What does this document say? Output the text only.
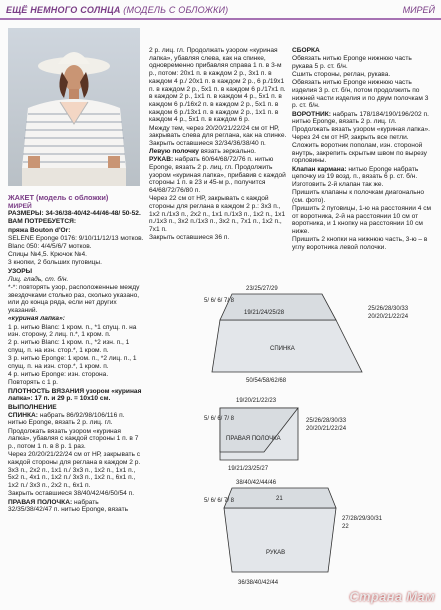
ЕЩЁ НЕМНОГО СОЛНЦА (МОДЕЛЬ С ОБЛОЖКИ)	МИРЕЙ
ЖАКЕТ (модель с обложки)
МИРЕЙ

РАЗМЕРЫ: 34-36/38-40/42-44/46-48/ 50-52.

ВАМ ПОТРЕБУЕТСЯ:

пряжа Bouton d'Or:

SELENE Eponge 0176: 9/10/11/12/13 мотков.

Blanc 050: 4/4/5/6/7 мотков.

Спицы №4,5. Крючок №4.

3 кнопки, 2 больших пуговицы.

УЗОРЫ

Лиц. гладь, ст. б/н.

*-*: повторять узор, расположенные между звездочками столько раз, сколько указано, или до конца ряда, если нет других указаний.

«куриная лапка»:

1 р. нитью Blanc: 1 кром. п., *1 спущ. п. на изн. сторону, 2 лиц. п.*, 1 кром. п.

2 р. нитью Blanc: 1 кром. п., *2 изн. п., 1 спущ. п. на изн. стор.*, 1 кром. п.

3 р. нитью Eponge: 1 кром. п., *2 лиц. п., 1 спущ. п. на изн. стор.*, 1 кром. п.

4 р. нитью Eponge: изн. сторона.

Повторять с 1 р.

ПЛОТНОСТЬ ВЯЗАНИЯ узором «куриная лапка»: 17 п. и 29 р. = 10х10 см.

ВЫПОЛНЕНИЕ

СПИНКА: набрать 86/92/98/106/116 п. нитью Eponge, вязать 2 р. лиц. гл.

Продолжать вязать узором «куриная лапка», убавляя с каждой стороны 1 п. в 7 р., потом 1 п. в 8 р. 1 раз.

Через 20/20/21/22/24 см от НР, закрывать с каждой стороны для реглана в каждом 2 р. 3х3 п., 2х2 п., 1х1 п./ 3х3 п., 1х2 п., 1х1 п., 5х2 п., 4х1 п., 1х2 п./ 3х3 п., 1х2 п., 6х1 п., 1х2 п./ 3х3 п., 2х2 п., 6х1 п.

Закрыть оставшиеся 38/40/42/46/50/54 п.

ПРАВАЯ ПОЛОЧКА: набрать 32/35/38/42/47 п. нитью Eponge, вязать

2 р. лиц. гл. Продолжать узором «куриная лапка», убавляя слева, как на спинке, одновременно прибавляя справа 1 п. в 3-м р., потом: 20х1 п. в каждом 2 р., 3х1 п. в каждом 4 р./ 20х1 п. в каждом 2 р., 6 р./19х1 п. в каждом 2 р., 5х1 п. в каждом 6 р./17х1 п. в каждом 2 р., 1х1 п. в каждом 4 р., 5х1 п. в каждом 6 р./16х2 п. в каждом 2 р., 5х1 п. в каждом 6 р./13х1 п. в каждом 2 р., 1х1 п. в каждом 4 р., 5х1 п. в каждом 6 р.

Между тем, через 20/20/21/22/24 см от НР, закрывать слева для реглана, как на спинке. Закрыть оставшиеся 32/34/36/38/40 п.

Левую полочку вязать зеркально.

РУКАВ: набрать 60/64/68/72/76 п. нитью Eponge, вязать 2 р. лиц. гл. Продолжить узором «куриная лапка», прибавив с каждой стороны 1 п. в 23 и 45-м р., получится 64/68/72/76/80 п.

Через 22 см от НР, закрывать с каждой стороны для реглана в каждом 2 р.: 3х3 п., 1х2 п./1х3 п., 2х2 п., 1х1 п./1х3 п., 1х2 п., 1х1 п./1х3 п., 3х2 п./1х3 п., 3х2 п., 7х1 п., 1х2 п., 7х1 п.

Закрыть оставшиеся 36 п.

СБОРКА

Обвязать нитью Eponge нижнюю часть рукава 5 р. ст. б/н.

Сшить стороны, реглан, рукава.

Обвязать нитью Eponge нижнюю часть изделия 3 р. ст. б/н, потом продолжить по нижней части изделия и по двум полочкам 3 р. ст. б/н.

ВОРОТНИК: набрать 178/184/190/196/202 п. нитью Eponge, вязать 2 р. лиц. гл. Продолжать вязать узором «куриная лапка». Через 24 см от НР, закрыть все петли.

Сложить воротник пополам, изн. стороной внутрь, закрепить скрытым швом по вырезу горловины.

Клапан кармана: нитью Eponge набрать цепочку из 19 возд. п., вязать 6 р. ст. б/н. Изготовить 2-й клапан так же.

Пришить клапаны к полочкам диагонально (см. фото).

Пришить 2 пуговицы, 1-ю на расстоянии 4 см от воротника, 2-й на расстоянии 10 см от воротника, и 1 кнопку на расстоянии 10 см ниже.

Пришить 2 кнопки на нижнюю часть, 3-ю – в углу воротника левой полочки.

СПИНКА
23/25/27/29
25/26/28/30/33
20/20/21/22/24
19/21/24/25/28
50/54/58/62/68
5/ 6/ 6/ 7/ 8
ПРАВАЯ ПОЛОЧКА
19/20/21/22/23
25/26/28/30/33
20/20/21/22/24
19/21/23/25/27
5/ 6/ 6/ 7/ 8
РУКАВ
38/40/42/44/46
21
27/28/29/30/31
22
36/38/40/42/44
5/ 6/ 6/ 7/ 8
Страна Мам
